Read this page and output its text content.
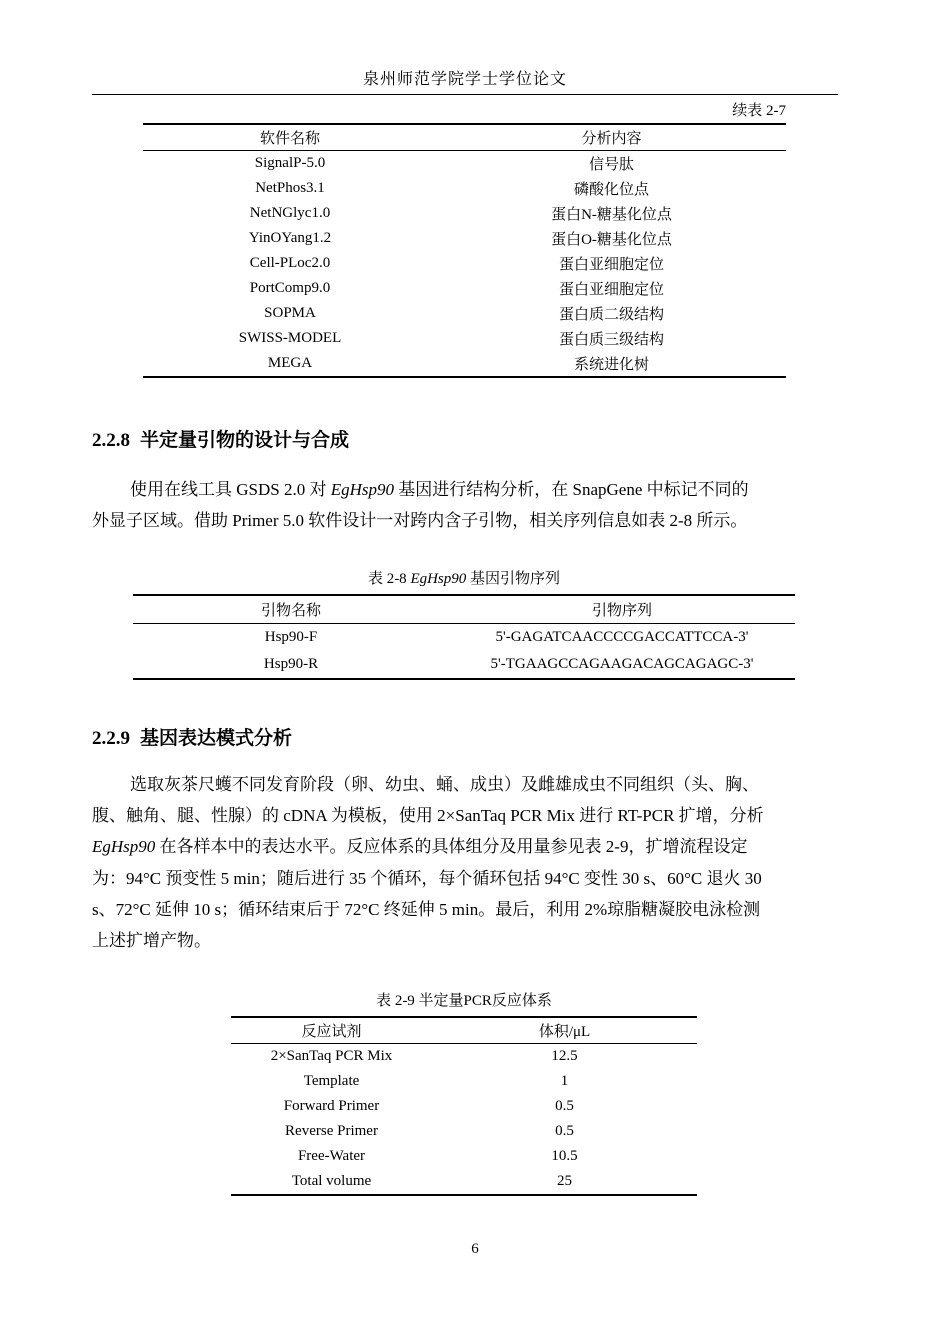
泉州师范学院学士学位论文
续表 2-7
软件名称	分析内容
SignalP-5.0	信号肽
NetPhos3.1	磷酸化位点
NetNGlyc1.0	蛋白N-糖基化位点
YinOYang1.2	蛋白O-糖基化位点
Cell-PLoc2.0	蛋白亚细胞定位
PortComp9.0	蛋白亚细胞定位
SOPMA	蛋白质二级结构
SWISS-MODEL	蛋白质三级结构
MEGA	系统进化树
2.2.8 半定量引物的设计与合成
使用在线工具 GSDS 2.0 对 EgHsp90 基因进行结构分析，在 SnapGene 中标记不同的
外显子区域。借助 Primer 5.0 软件设计一对跨内含子引物，相关序列信息如表 2-8 所示。
表 2-8 EgHsp90 基因引物序列
引物名称	引物序列
Hsp90-F	5'-GAGATCAACCCCGACCATTCCA-3'
Hsp90-R	5'-TGAAGCCAGAAGACAGCAGAGC-3'
2.2.9 基因表达模式分析
选取灰茶尺蠖不同发育阶段（卵、幼虫、蛹、成虫）及雌雄成虫不同组织（头、胸、
腹、触角、腿、性腺）的 cDNA 为模板，使用 2×SanTaq PCR Mix 进行 RT-PCR 扩增，分析
EgHsp90 在各样本中的表达水平。反应体系的具体组分及用量参见表 2-9，扩增流程设定
为：94°C 预变性 5 min；随后进行 35 个循环，每个循环包括 94°C 变性 30 s、60°C 退火 30
s、72°C 延伸 10 s；循环结束后于 72°C 终延伸 5 min。最后，利用 2%琼脂糖凝胶电泳检测
上述扩增产物。
表 2-9 半定量PCR反应体系
反应试剂	体积/μL
2×SanTaq PCR Mix	12.5
Template	1
Forward Primer	0.5
Reverse Primer	0.5
Free-Water	10.5
Total volume	25
6
